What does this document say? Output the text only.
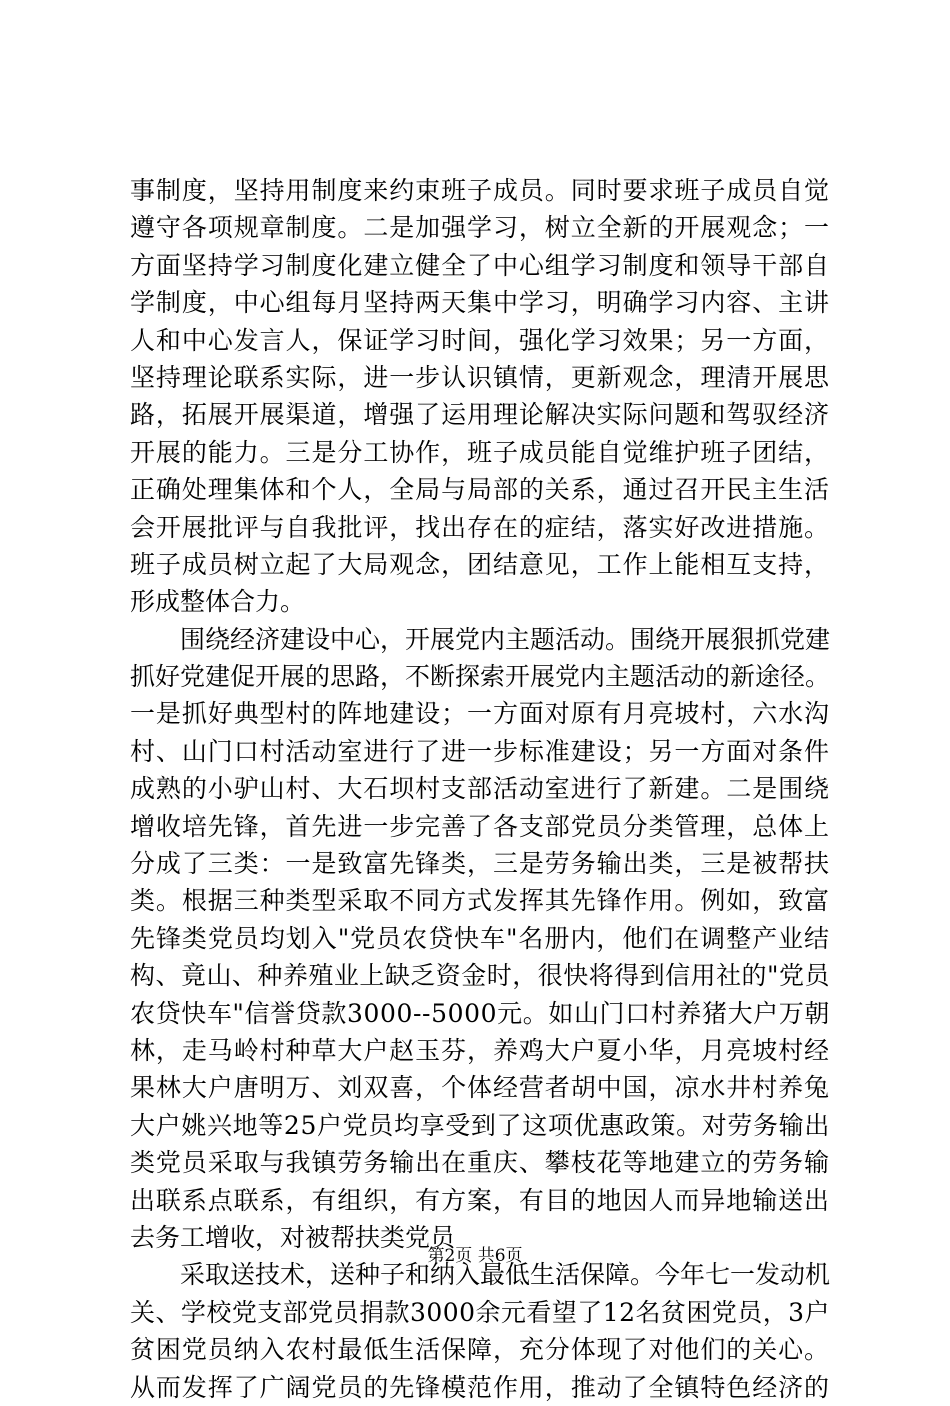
事制度，坚持用制度来约束班子成员。同时要求班子成员自觉
遵守各项规章制度。二是加强学习，树立全新的开展观念；一
方面坚持学习制度化建立健全了中心组学习制度和领导干部自
学制度，中心组每月坚持两天集中学习，明确学习内容、主讲
人和中心发言人，保证学习时间，强化学习效果；另一方面，
坚持理论联系实际，进一步认识镇情，更新观念，理清开展思
路，拓展开展渠道，增强了运用理论解决实际问题和驾驭经济
开展的能力。三是分工协作，班子成员能自觉维护班子团结，
正确处理集体和个人，全局与局部的关系，通过召开民主生活
会开展批评与自我批评，找出存在的症结，落实好改进措施。
班子成员树立起了大局观念，团结意见，工作上能相互支持，
形成整体合力。
围绕经济建设中心，开展党内主题活动。围绕开展狠抓党建
抓好党建促开展的思路，不断探索开展党内主题活动的新途径。
一是抓好典型村的阵地建设；一方面对原有月亮坡村，六水沟
村、山门口村活动室进行了进一步标准建设；另一方面对条件
成熟的小驴山村、大石坝村支部活动室进行了新建。二是围绕
增收培先锋，首先进一步完善了各支部党员分类管理，总体上
分成了三类：一是致富先锋类，三是劳务输出类，三是被帮扶
类。根据三种类型采取不同方式发挥其先锋作用。例如，致富
先锋类党员均划入"党员农贷快车"名册内，他们在调整产业结
构、竟山、种养殖业上缺乏资金时，很快将得到信用社的"党员
农贷快车"信誉贷款3000--5000元。如山门口村养猪大户万朝
林，走马岭村种草大户赵玉芬，养鸡大户夏小华，月亮坡村经
果林大户唐明万、刘双喜，个体经营者胡中国，凉水井村养兔
大户姚兴地等25户党员均享受到了这项优惠政策。对劳务输出
类党员采取与我镇劳务输出在重庆、攀枝花等地建立的劳务输
出联系点联系，有组织，有方案，有目的地因人而异地输送出
去务工增收，对被帮扶类党员
采取送技术，送种子和纳入最低生活保障。今年七一发动机
关、学校党支部党员捐款3000余元看望了12名贫困党员，3户
贫困党员纳入农村最低生活保障，充分体现了对他们的关心。
从而发挥了广阔党员的先锋模范作用，推动了全镇特色经济的
第2页 共6页
